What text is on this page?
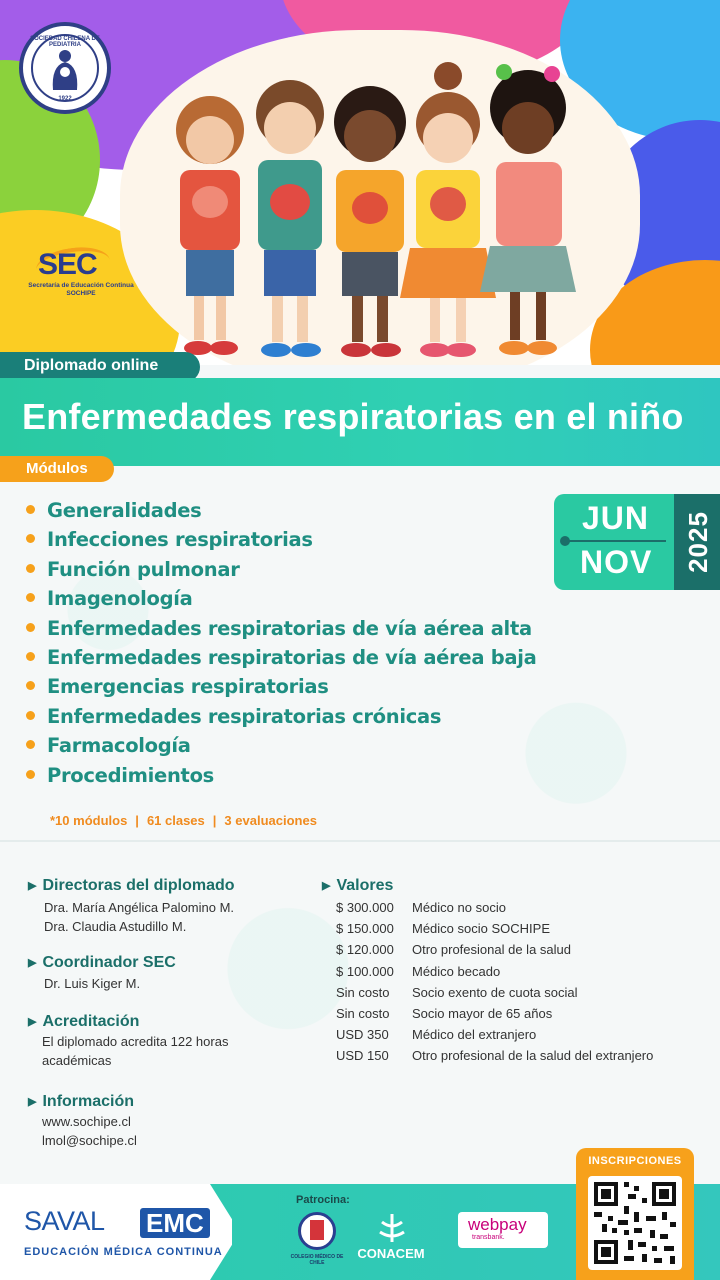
SOCIEDAD CHILENA DE PEDIATRIA
1922
SEC
Secretaría de Educación Continua
SOCHIPE
Diplomado online
Enfermedades respiratorias en el niño
Módulos
Generalidades
Infecciones respiratorias
Función pulmonar
Imagenología
Enfermedades respiratorias de vía aérea alta
Enfermedades respiratorias de vía aérea baja
Emergencias respiratorias
Enfermedades respiratorias crónicas
Farmacología
Procedimientos
*10 módulos | 61 clases | 3 evaluaciones
JUN
NOV 2025
▶ Directoras del diplomado
Dra. María Angélica Palomino M.
Dra. Claudia Astudillo M.
▶ Coordinador SEC
Dr. Luis Kiger M.
▶ Acreditación
El diplomado acredita 122 horas
académicas
▶ Información
www.sochipe.cl
lmol@sochipe.cl
▶ Valores
$ 300.000 Médico no socio
$ 150.000 Médico socio SOCHIPE
$ 120.000 Otro profesional de la salud
$ 100.000 Médico becado
Sin costo Socio exento de cuota social
Sin costo Socio mayor de 65 años
USD 350 Médico del extranjero
USD 150 Otro profesional de la salud del extranjero
SAVAL EMC
EDUCACIÓN MÉDICA CONTINUA
Patrocina:
COLEGIO MÉDICO DE CHILE
CONACEM
webpay
transbank.
INSCRIPCIONES
